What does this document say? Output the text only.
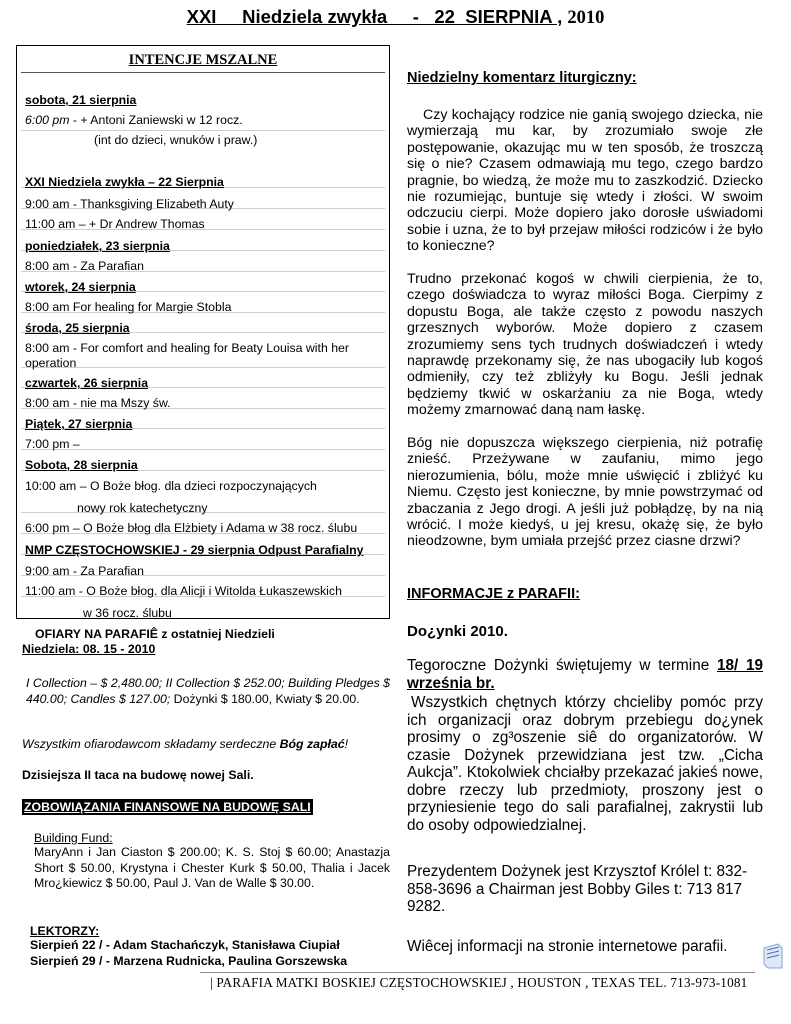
XXI     Niedziela zwykła     -   22  SIERPNIA , 2010
INTENCJE MSZALNE
sobota, 21 sierpnia
6:00 pm - + Antoni Zaniewski w 12 rocz.
(int do dzieci, wnuków i praw.)
XXI Niedziela zwykła – 22 Sierpnia
9:00 am - Thanksgiving Elizabeth Auty
11:00 am – + Dr Andrew Thomas
poniedziałek, 23 sierpnia
8:00 am - Za Parafian
wtorek, 24 sierpnia
8:00 am For healing for Margie Stobla
środa, 25 sierpnia
8:00 am - For comfort and healing for Beaty Louisa with her operation
czwartek, 26 sierpnia
8:00 am - nie ma Mszy św.
Piątek, 27 sierpnia
7:00 pm –
Sobota, 28 sierpnia
10:00 am – O Boże błog. dla dzieci rozpoczynających
nowy rok katechetyczny
6:00 pm – O Boże błog dla Elżbiety i Adama w 38 rocz. ślubu
NMP CZĘSTOCHOWSKIEJ - 29 sierpnia Odpust Parafialny
9:00 am - Za Parafian
11:00 am - O Boże błog. dla Alicji i Witolda Łukaszewskich
w 36 rocz. ślubu
OFIARY NA PARAFIÊ z ostatniej Niedzieli
Niedziela: 08. 15 - 2010
I Collection – $ 2,480.00; II Collection $ 252.00; Building Pledges $ 440.00; Candles $ 127.00; Dożynki $ 180.00, Kwiaty $ 20.00.
Wszystkim ofiarodawcom składamy serdeczne Bóg zapłać!
Dzisiejsza II taca na budowę nowej Sali.
ZOBOWIĄZANIA FINANSOWE NA BUDOWĘ SALI
Building Fund:
MaryAnn i Jan Ciaston $ 200.00; K. S. Stoj $ 60.00; Anastazja Short $ 50.00, Krystyna i Chester Kurk $ 50.00, Thalia i Jacek Mro¿kiewicz $ 50.00, Paul J. Van de Walle $ 30.00.
LEKTORZY:
Sierpień 22 / - Adam Stachańczyk, Stanisława Ciupiał
Sierpień 29 / - Marzena Rudnicka, Paulina Gorszewska
Niedzielny komentarz liturgiczny:
Czy kochający rodzice nie ganią swojego dziecka, nie wymierzają mu kar, by zrozumiało swoje złe postępowanie, okazując mu w ten sposób, że troszczą się o nie? Czasem odmawiają mu tego, czego bardzo pragnie, bo wiedzą, że może mu to zaszkodzić. Dziecko nie rozumiejąc, buntuje się wtedy i złości. W swoim odczuciu cierpi. Może dopiero jako dorosłe uświadomi sobie i uzna, że to był przejaw miłości rodziców i że było to konieczne?
Trudno przekonać kogoś w chwili cierpienia, że to, czego doświadcza to wyraz miłości Boga. Cierpimy z dopustu Boga, ale także często z powodu naszych grzesznych wyborów. Może dopiero z czasem zrozumiemy sens tych trudnych doświadczeń i wtedy naprawdę przekonamy się, że nas ubogaciły lub kogoś odmieniły, czy też zbliżyły ku Bogu. Jeśli jednak będziemy tkwić w oskarżaniu za nie Boga, wtedy możemy zmarnować daną nam łaskę.
Bóg nie dopuszcza większego cierpienia, niż potrafię znieść. Przeżywane w zaufaniu, mimo jego nierozumienia, bólu, może mnie uświęcić i zbliżyć ku Niemu. Często jest konieczne, by mnie powstrzymać od zbaczania z Jego drogi. A jeśli już pobłądzę, by na nią wrócić. I może kiedyś, u jej kresu, okażę się, że było nieodzowne, bym umiała przejść przez ciasne drzwi?
INFORMACJE z PARAFII:
Do¿ynki 2010.
Tegoroczne Dożynki świętujemy w termine 18/ 19 września br.
Wszystkich chętnych którzy chcieliby pomóc przy ich organizacji oraz dobrym przebiegu do¿ynek prosimy o zg³oszenie siê do organizatorów. W czasie Dożynek przewidziana jest tzw. „Cicha Aukcja”. Ktokolwiek chciałby przekazać jakieś nowe, dobre rzeczy lub przedmioty, proszony jest o przyniesienie tego do sali parafialnej, zakrystii lub do osoby odpowiedzialnej.
Prezydentem Dożynek jest Krzysztof Królel t: 832-858-3696 a Chairman jest Bobby Giles t: 713 817 9282.
Wiêcej informacji na stronie internetowe parafii.
| PARAFIA MATKI BOSKIEJ CZĘSTOCHOWSKIEJ , HOUSTON , TEXAS TEL. 713-973-1081
